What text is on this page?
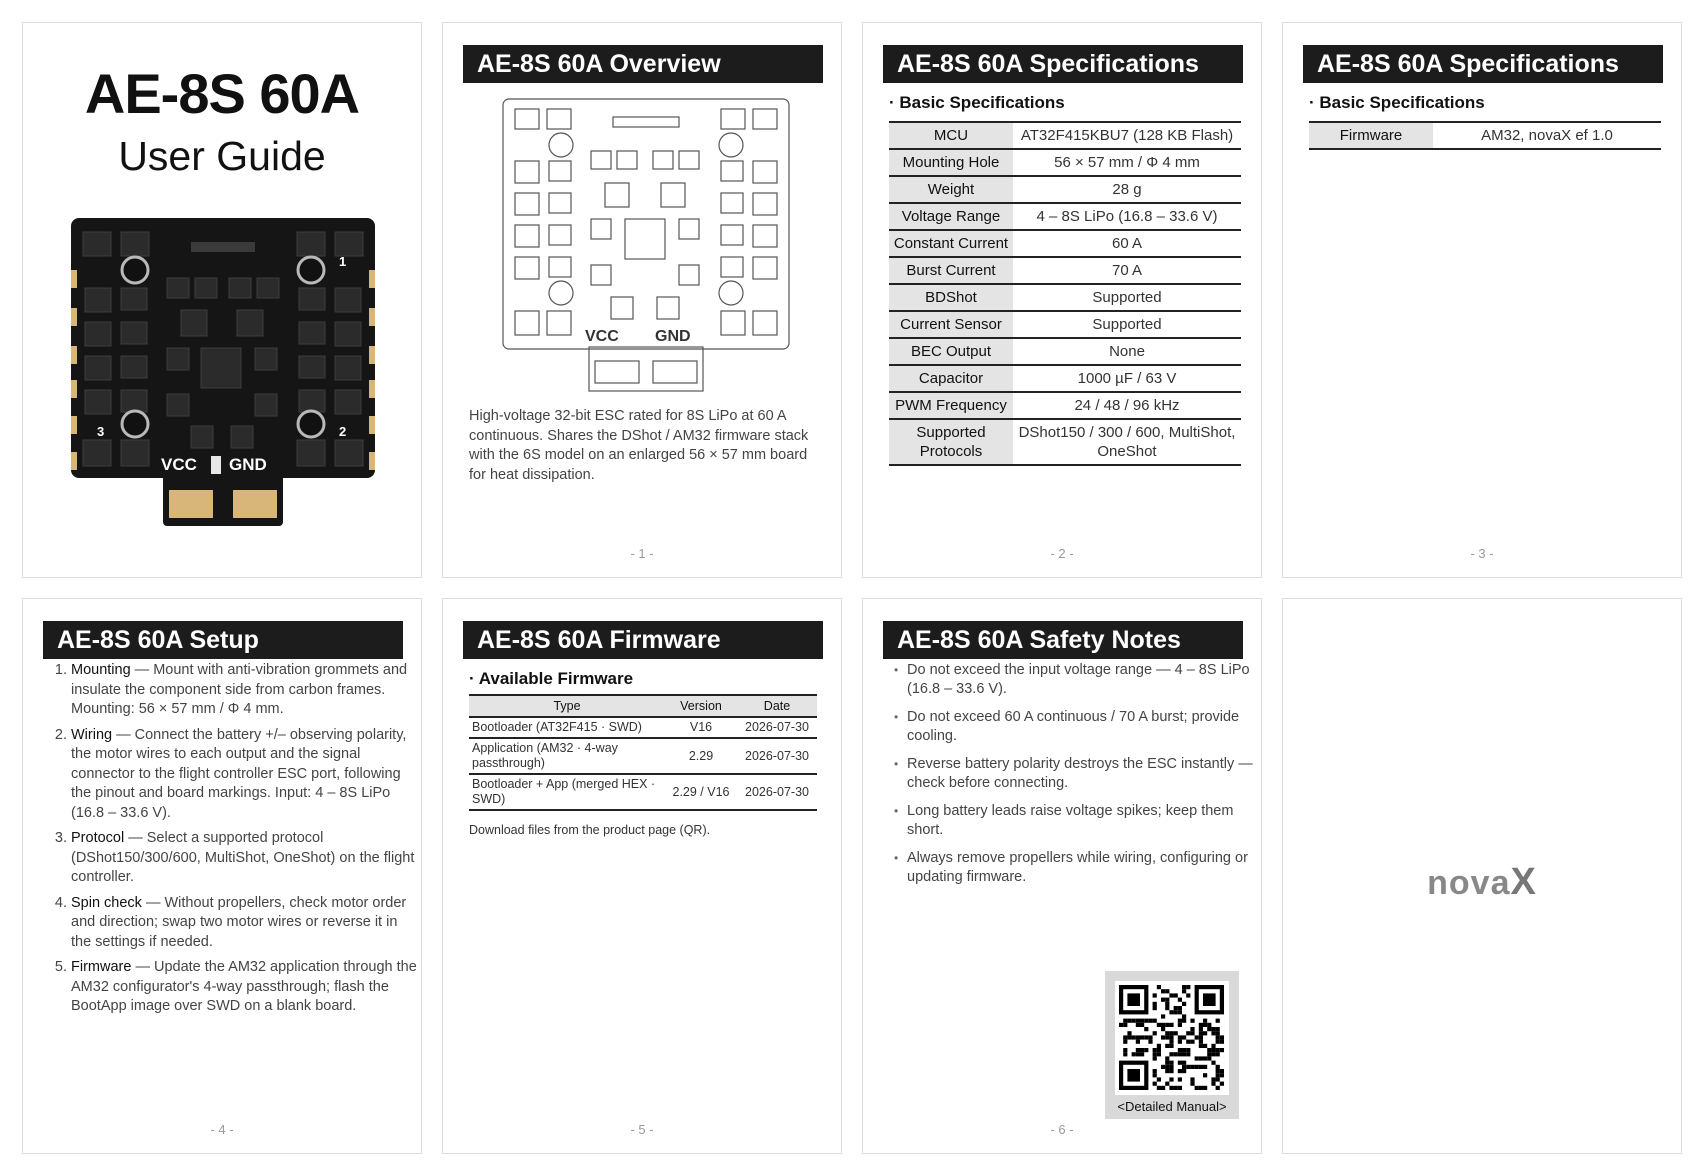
AE-8S 60A
User Guide
1
3	2
VCC GND
AE-8S 60A Overview
VCC GND
High-voltage 32-bit ESC rated for 8S LiPo at 60 A continuous. Shares the DShot / AM32 firmware stack with the 6S model on an enlarged 56 × 57 mm board for heat dissipation.
- 1 -
AE-8S 60A Specifications
· Basic Specifications
MCU	AT32F415KBU7 (128 KB Flash)
Mounting Hole	56 × 57 mm / Φ 4 mm
Weight	28 g
Voltage Range	4 – 8S LiPo (16.8 – 33.6 V)
Constant Current	60 A
Burst Current	70 A
BDShot	Supported
Current Sensor	Supported
BEC Output	None
Capacitor	1000 µF / 63 V
PWM Frequency	24 / 48 / 96 kHz
Supported Protocols	DShot150 / 300 / 600, MultiShot, OneShot
- 2 -
AE-8S 60A Specifications
· Basic Specifications
Firmware	AM32, novaX ef 1.0
- 3 -
AE-8S 60A Setup
1. Mounting — Mount with anti-vibration grommets and insulate the component side from carbon frames. Mounting: 56 × 57 mm / Φ 4 mm.
2. Wiring — Connect the battery +/– observing polarity, the motor wires to each output and the signal connector to the flight controller ESC port, following the pinout and board markings. Input: 4 – 8S LiPo (16.8 – 33.6 V).
3. Protocol — Select a supported protocol (DShot150/300/600, MultiShot, OneShot) on the flight controller.
4. Spin check — Without propellers, check motor order and direction; swap two motor wires or reverse it in the settings if needed.
5. Firmware — Update the AM32 application through the AM32 configurator's 4-way passthrough; flash the BootApp image over SWD on a blank board.
- 4 -
AE-8S 60A Firmware
· Available Firmware
Type	Version	Date
Bootloader (AT32F415 · SWD)	V16	2026-07-30
Application (AM32 · 4-way passthrough)	2.29	2026-07-30
Bootloader + App (merged HEX · SWD)	2.29 / V16	2026-07-30
Download files from the product page (QR).
- 5 -
AE-8S 60A Safety Notes
• Do not exceed the input voltage range — 4 – 8S LiPo (16.8 – 33.6 V).
• Do not exceed 60 A continuous / 70 A burst; provide cooling.
• Reverse battery polarity destroys the ESC instantly — check before connecting.
• Long battery leads raise voltage spikes; keep them short.
• Always remove propellers while wiring, configuring or updating firmware.
<Detailed Manual>
- 6 -
novaX
